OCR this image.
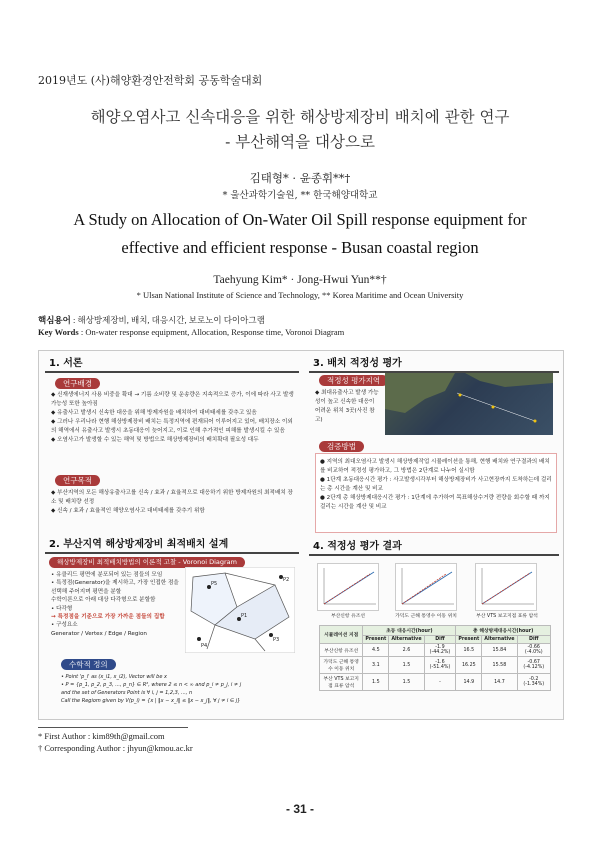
2019년도 (사)해양환경안전학회 공동학술대회
해양오염사고 신속대응을 위한 해상방제장비 배치에 관한 연구
- 부산해역을 대상으로
김태형* · 윤종휘**†
* 울산과학기술원, ** 한국해양대학교
A Study on Allocation of On-Water Oil Spill response equipment for
effective and efficient response - Busan coastal region
Taehyung Kim* · Jong-Hwui Yun**†
* Ulsan National Institute of Science and Technology, ** Korea Maritime and Ocean University
핵심용어 : 해상방제장비, 배치, 대응시간, 보로노이 다이아그램
Key Words : On-water response equipment, Allocation, Response time, Voronoi Diagram
1. 서론
연구배경
◆ 신재생에너지 사용 비중을 확대 → 기름 소비량 및 운송량은 지속적으로 증가, 이에 따라 사고 발생 가능성 또한 높아짐
◆ 유출사고 발생시 신속한 대응을 위해 방제자원을 배치하여 대비태세를 갖추고 있음
◆ 그러나 우리나라 현행 해상방제장비 배치는 특정지역에 편재되어 이루어지고 있어, 배치장소 이외의 해역에서 유출사고 발생시 초동대응이 늦어지고, 이로 인해 추가적인 피해를 발생시킬 수 있음
◆ 오염사고가 발생할 수 있는 해역 및 방법으로 해상방제장비의 배치확대 필요성 대두
연구목적
◆ 부산지역의 모든 해상유출사고를 신속 / 효과 / 효율적으로 대응하기 위한 방제자원의 최적배치 장소 및 배치량 선정
◆ 신속 / 효과 / 효율적인 해양오염사고 대비태세를 갖추기 위함
2. 부산지역 해상방제장비 최적배치 설계
해상방제장비 최적배치방법의 이론적 고찰 - Voronoi Diagram
• 유클리드 평면에 분포되어 있는 점들의 모임
• 특정점(Generator)을 제시하고, 가장 인접한 점을 선택해 주어지며 평면을 분할
수학이론으로 아래 대상 다각형으로 분할함
• 다각형
→ 특정점을 기준으로 가장 가까운 점들의 집합
• 구성요소
Generator / Vertex / Edge / Region
P5
P2
P1
P3
P4
수학적 정의
• Point 'p_i' as (x_i1, x_i2), Vector will be x
• P = {p_1, p_2, p_3, ..., p_n} ∈ R², where 2 ≤ n < ∞ and p_i ≠ p_j, i ≠ j
and the set of Generators Point is ∀ i, j = 1,2,3, ..., n
Call the Regiom given by V(p_i) = {x | ‖x − x_i‖ ≤ ‖x − x_j‖, ∀ j ≠ i ∈ j}
3. 배치 적정성 평가
적정성 평가지역
◆ 최대유출사고 발생 가능성이 높고 신속한 대응이 어려운 위치 3곳(사진 참고)
검증방법
● 지역의 최대오염사고 발생시 해상방제작업 시뮬레이션을 통해, 현행 배치와 연구결과의 배치를 비교하여 적정성 평가하고, 그 방법은 2단계로 나누어 실시함
● 1단계 초동대응시간 평가 : 사고발생시각부터 해상방제장비가 사고현장까지 도착하는데 걸리는 총 시간을 계산 및 비교
● 2단계 총 해상방제대응시간 평가 : 1단계에 추가하여 목표해상수거량 전량을 회수할 때 까지 걸리는 시간을 계산 및 비교
4. 적정성 평가 결과
부산신항 유조선	가덕도 근해 통영수 이동 위치	부산 VTS 보고지점 표류 암석
시뮬레이션 지점	초동 대응시간(hour)			총 해상방제대응시간(hour)		
	Present	Alternative	Diff	Present	Alternative	Diff
부산신항 유조선	4.5	2.6	-1.9 (-44.2%)	16.5	15.84	-0.66 (-4.0%)
가덕도 근해 통영수 이동 위치	3.1	1.5	-1.6 (-51.4%)	16.25	15.58	-0.67 (-4.12%)
부산 VTS 보고지점 표류 암석	1.5	1.5	-	14.9	14.7	-0.2 (-1.34%)
* First Author : kim89th@gmail.com
† Corresponding Author : jhyun@kmou.ac.kr
- 31 -
